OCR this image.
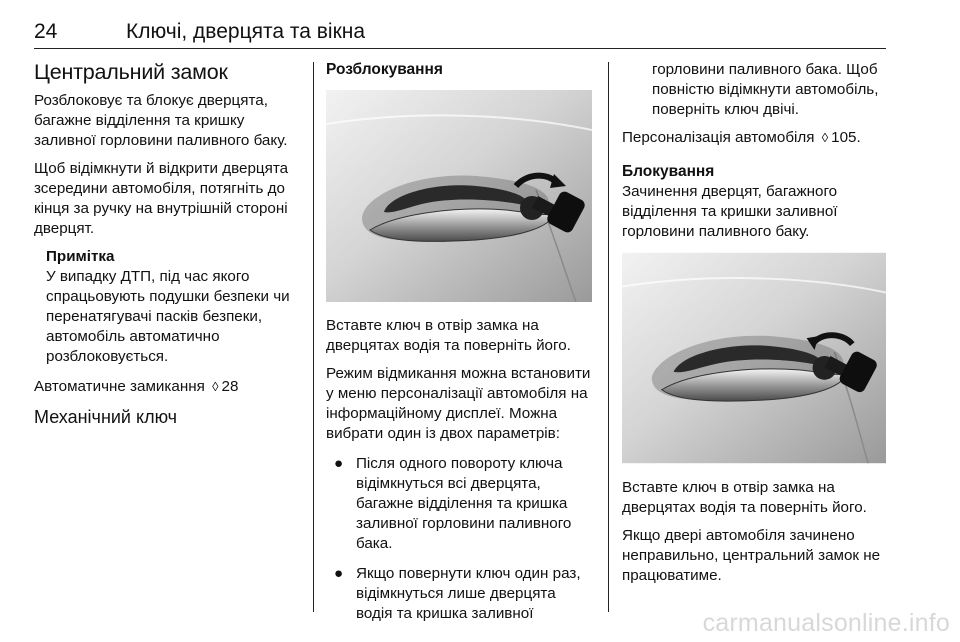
24	Ключі, дверцята та вікна
Центральний замок

Розблоковує та блокує дверцята, багажне відділення та кришку заливної горловини паливного баку.

Щоб відімкнути й відкрити дверцята зсередини автомобіля, потягніть до кінця за ручку на внутрішній стороні дверцят.

Примітка
У випадку ДТП, під час якого спрацьовують подушки безпеки чи перенатягувачі пасків безпеки, автомобіль автоматично розблоковується.

Автоматичне замикання ◊ 28

Механічний ключ
Розблокування

Вставте ключ в отвір замка на дверцятах водія та поверніть його.

Режим відмикання можна встановити у меню персоналізації автомобіля на інформаційному дисплеї. Можна вибрати один із двох параметрів:

● Після одного повороту ключа відімкнуться всі дверцята, багажне відділення та кришка заливної горловини паливного бака.
● Якщо повернути ключ один раз, відімкнуться лише дверцята водія та кришка заливної

горловини паливного бака. Щоб повністю відімкнути автомобіль, поверніть ключ двічі.

Персоналізація автомобіля ◊ 105.

Блокування

Зачинення дверцят, багажного відділення та кришки заливної горловини паливного баку.

Вставте ключ в отвір замка на дверцятах водія та поверніть його.

Якщо двері автомобіля зачинено неправильно, центральний замок не працюватиме.

carmanualsonline.info
